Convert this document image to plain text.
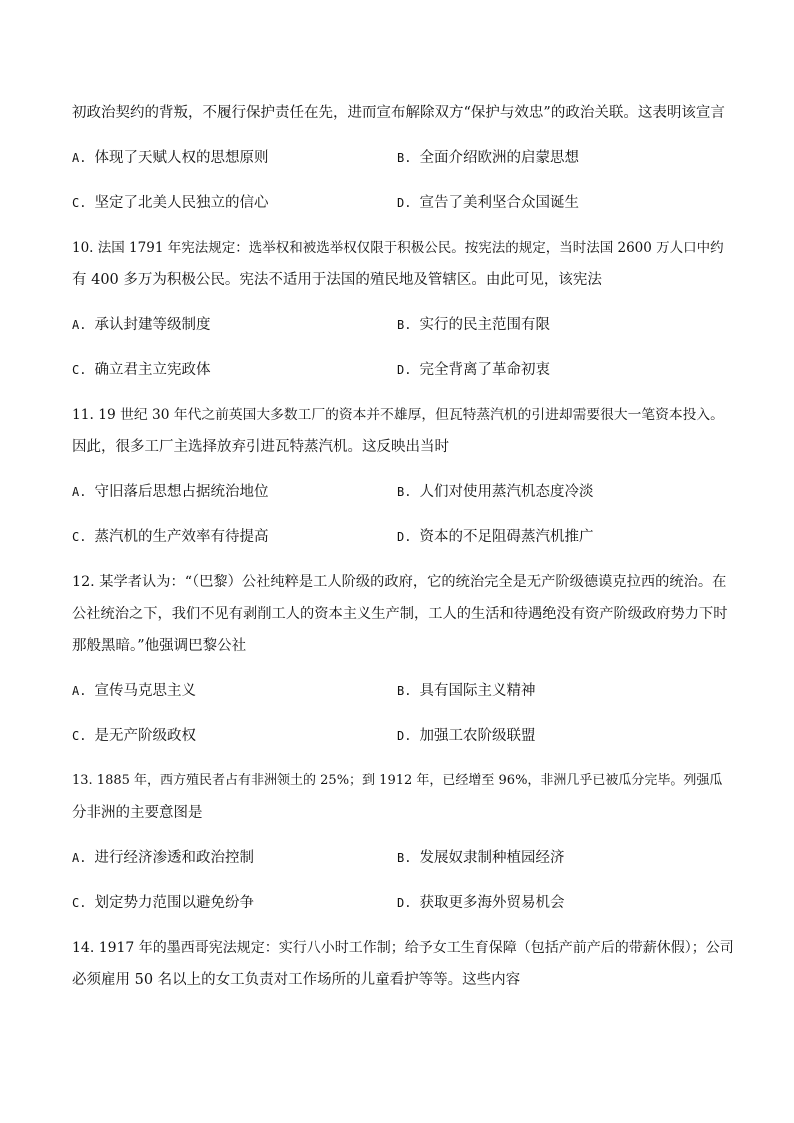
初政治契约的背叛，不履行保护责任在先，进而宣布解除双方“保护与效忠”的政治关联。这表明该宣言
A. 体现了天赋人权的思想原则	B. 全面介绍欧洲的启蒙思想
C. 坚定了北美人民独立的信心	D. 宣告了美利坚合众国诞生
10. 法国 1791 年宪法规定：选举权和被选举权仅限于积极公民。按宪法的规定，当时法国 2600 万人口中约
有 400 多万为积极公民。宪法不适用于法国的殖民地及管辖区。由此可见，该宪法
A. 承认封建等级制度	B. 实行的民主范围有限
C. 确立君主立宪政体	D. 完全背离了革命初衷
11. 19 世纪 30 年代之前英国大多数工厂的资本并不雄厚，但瓦特蒸汽机的引进却需要很大一笔资本投入。
因此，很多工厂主选择放弃引进瓦特蒸汽机。这反映出当时
A. 守旧落后思想占据统治地位	B. 人们对使用蒸汽机态度冷淡
C. 蒸汽机的生产效率有待提高	D. 资本的不足阻碍蒸汽机推广
12. 某学者认为：“（巴黎）公社纯粹是工人阶级的政府，它的统治完全是无产阶级德谟克拉西的统治。在
公社统治之下，我们不见有剥削工人的资本主义生产制，工人的生活和待遇绝没有资产阶级政府势力下时
那般黑暗。”他强调巴黎公社
A. 宣传马克思主义	B. 具有国际主义精神
C. 是无产阶级政权	D. 加强工农阶级联盟
13. 1885 年，西方殖民者占有非洲领土的 25%；到 1912 年，已经增至 96%，非洲几乎已被瓜分完毕。列强瓜
分非洲的主要意图是
A. 进行经济渗透和政治控制	B. 发展奴隶制种植园经济
C. 划定势力范围以避免纷争	D. 获取更多海外贸易机会
14. 1917 年的墨西哥宪法规定：实行八小时工作制；给予女工生育保障（包括产前产后的带薪休假）；公司
必须雇用 50 名以上的女工负责对工作场所的儿童看护等等。这些内容
